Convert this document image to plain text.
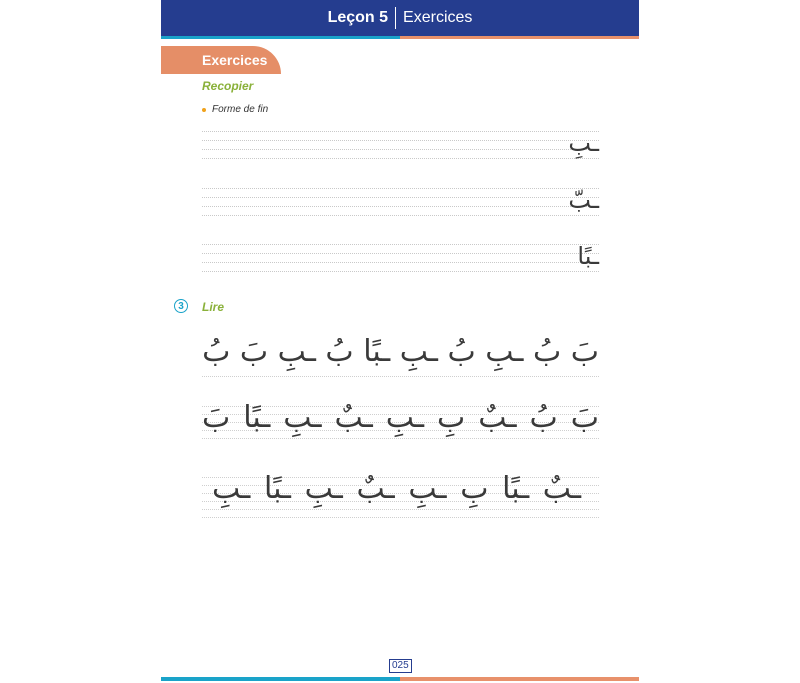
Leçon 5 Exercices
Exercices
Recopier
Forme de fin
ـبِ
ـبّ
ـبًا
3	Lire
بُ بَ ـبِ بُ ـبًا ـبِ بُ ـبِ بُ بَ
بَ ـبًا ـبِ ـبٌ ـبِ بِ ـبٌ بُ بَ
ـبِ ـبًا ـبِ ـبٌ ـبِ بِ ـبًا ـبٌ
025
